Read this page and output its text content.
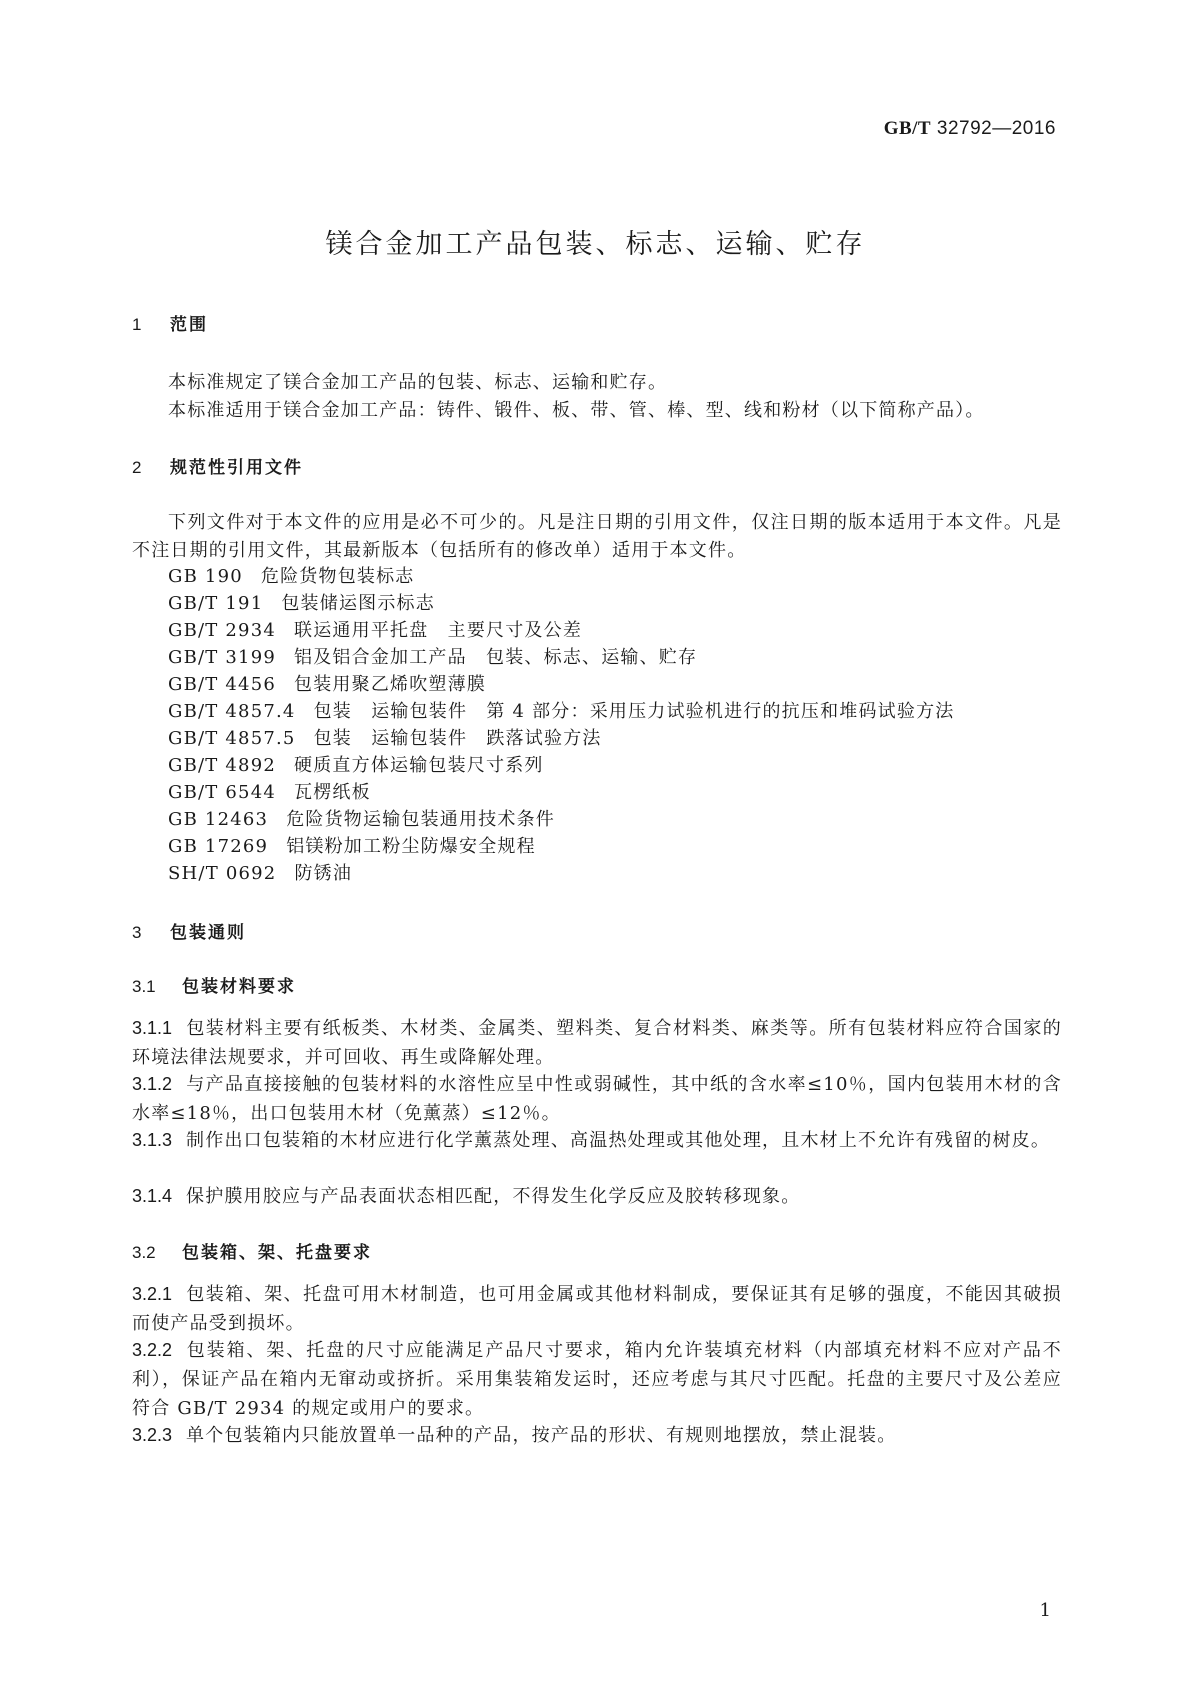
GB/T 32792—2016
镁合金加工产品包装、标志、运输、贮存
1 范围
本标准规定了镁合金加工产品的包装、标志、运输和贮存。
本标准适用于镁合金加工产品：铸件、锻件、板、带、管、棒、型、线和粉材（以下简称产品）。
2 规范性引用文件
下列文件对于本文件的应用是必不可少的。凡是注日期的引用文件，仅注日期的版本适用于本文件。凡是不注日期的引用文件，其最新版本（包括所有的修改单）适用于本文件。
GB 190 危险货物包装标志
GB/T 191 包装储运图示标志
GB/T 2934 联运通用平托盘　主要尺寸及公差
GB/T 3199 铝及铝合金加工产品　包装、标志、运输、贮存
GB/T 4456 包装用聚乙烯吹塑薄膜
GB/T 4857.4 包装　运输包装件　第 4 部分：采用压力试验机进行的抗压和堆码试验方法
GB/T 4857.5 包装　运输包装件　跌落试验方法
GB/T 4892 硬质直方体运输包装尺寸系列
GB/T 6544 瓦楞纸板
GB 12463 危险货物运输包装通用技术条件
GB 17269 铝镁粉加工粉尘防爆安全规程
SH/T 0692 防锈油
3 包装通则
3.1 包装材料要求
3.1.1 包装材料主要有纸板类、木材类、金属类、塑料类、复合材料类、麻类等。所有包装材料应符合国家的环境法律法规要求，并可回收、再生或降解处理。
3.1.2 与产品直接接触的包装材料的水溶性应呈中性或弱碱性，其中纸的含水率≤10％，国内包装用木材的含水率≤18％，出口包装用木材（免薰蒸）≤12％。
3.1.3 制作出口包装箱的木材应进行化学薰蒸处理、高温热处理或其他处理，且木材上不允许有残留的树皮。
3.1.4 保护膜用胶应与产品表面状态相匹配，不得发生化学反应及胶转移现象。
3.2 包装箱、架、托盘要求
3.2.1 包装箱、架、托盘可用木材制造，也可用金属或其他材料制成，要保证其有足够的强度，不能因其破损而使产品受到损坏。
3.2.2 包装箱、架、托盘的尺寸应能满足产品尺寸要求，箱内允许装填充材料（内部填充材料不应对产品不利），保证产品在箱内无窜动或挤折。采用集装箱发运时，还应考虑与其尺寸匹配。托盘的主要尺寸及公差应符合 GB/T 2934 的规定或用户的要求。
3.2.3 单个包装箱内只能放置单一品种的产品，按产品的形状、有规则地摆放，禁止混装。
1
